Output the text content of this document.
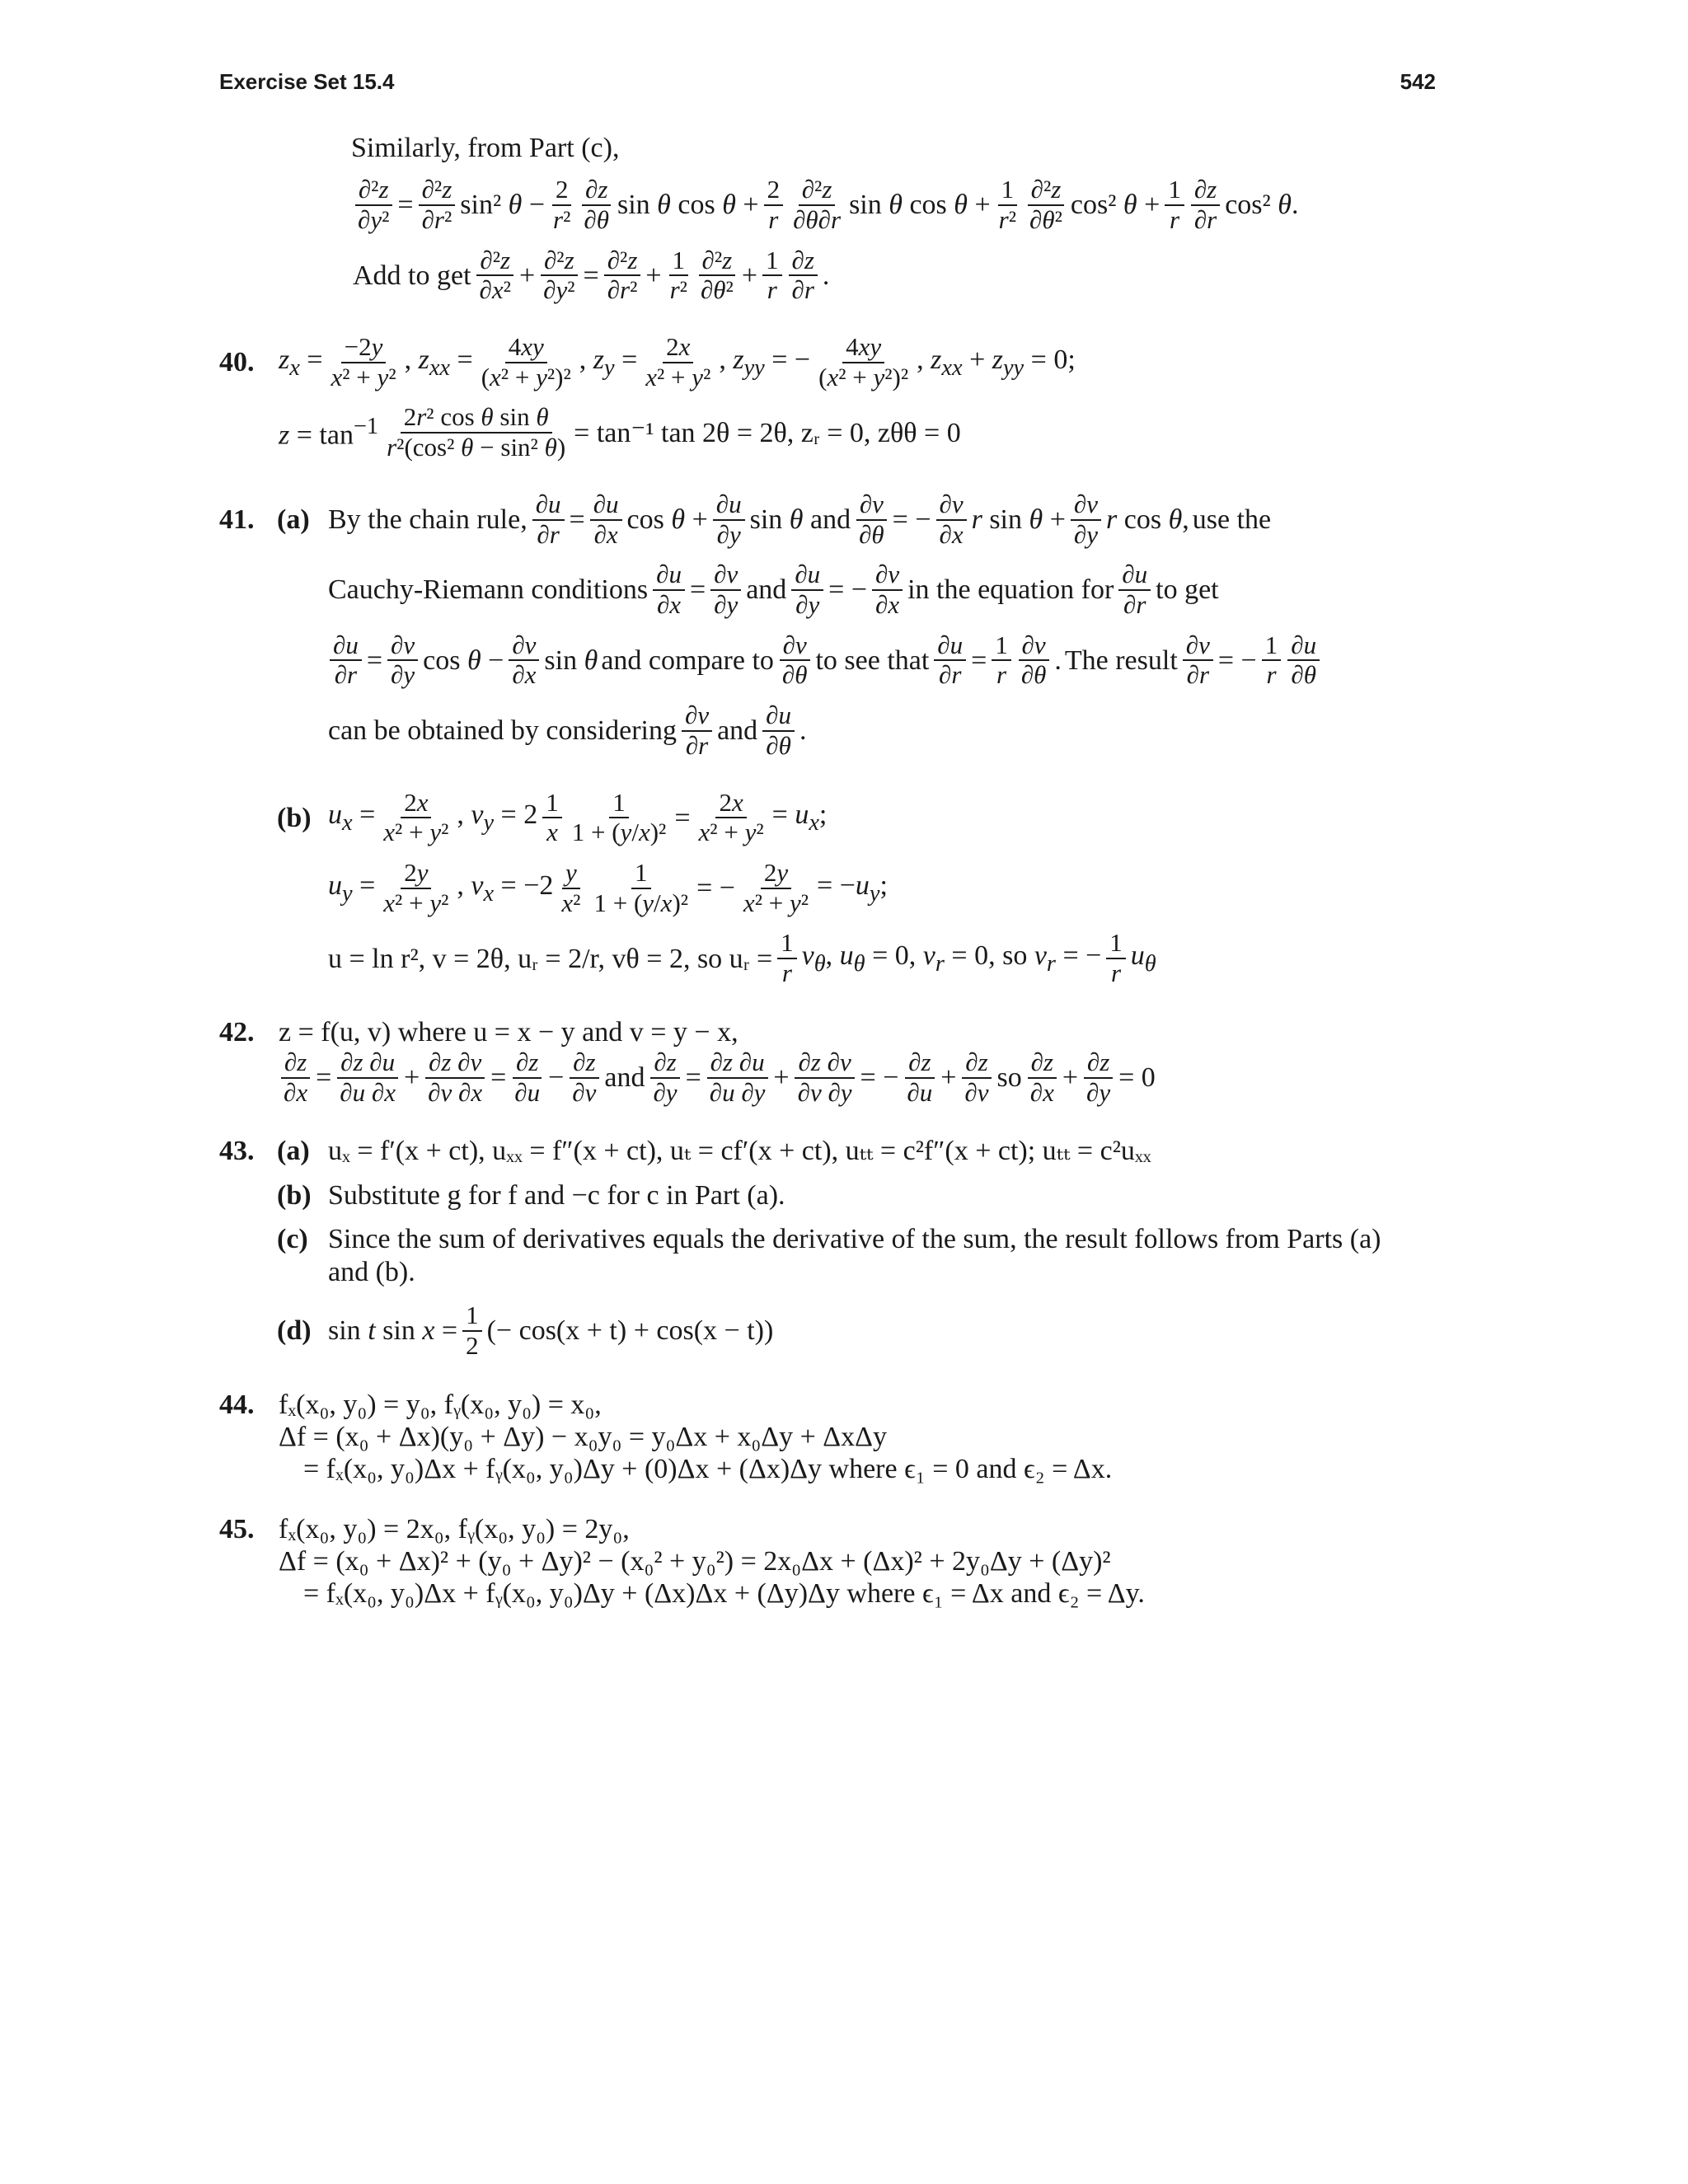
Exercise Set 15.4	542
Similarly, from Part (c),
$\frac{\text{∂²z}}{\text{∂y²}} = \frac{\text{∂²z}}{\text{∂r²}} \sin^2$ $\theta - \frac{2}{\text{r²}} \frac{\partial z}{\partial\theta}$ sin θ $\cos \theta + \frac{2}{r} \frac{\text{∂²z}}{\partial\theta\partial r}$ sin θ $\cos \theta + \frac{1}{\text{r²}} \frac{\text{∂²z}}{\text{∂θ²}} \cos^2$ $\theta + \frac{1}{r} \frac{\partial z}{\partial r} \cos^2$ θ.
Add to get $\frac{\text{∂²z}}{\text{∂x²}} + \frac{\text{∂²z}}{\text{∂y²}} = \frac{\text{∂²z}}{\text{∂r²}} + \frac{1}{\text{r²}} \frac{\text{∂²z}}{\text{∂θ²}} + \frac{1}{r} \frac{\partial z}{\partial r}$ .
40. $z_x = \frac{-2y}{\text{x² + y²}}$ , $z_{xx} = \frac{4xy}{\text{(x² + y²)²}}$ , $z_y = \frac{2x}{\text{x² + y²}}$ , $z_{yy}$ = − $\frac{4xy}{\text{(x² + y²)²}}$ , $z_{xx} + z_{yy} = 0$;
$z = \tan^{-1} \frac{\text{2r² cos θ sin θ}}{\text{r²(cos² θ − sin² θ)}} = \tan^{-1}$ tan 2θ = 2θ, zᵣ = 0, zθθ = 0
41. (a) By the chain rule, $\frac{\partial u}{\partial r} = \frac{\partial u}{\partial x}$ $\cos \theta + \frac{\partial u}{\partial y}$ sin θ and $\frac{\partial v}{\partial\theta}$ = − $\frac{\partial v}{\partial x}$ r $\sin \theta + \frac{\partial v}{\partial y}$ r cos θ, use the
Cauchy-Riemann conditions $\frac{\partial u}{\partial x} = \frac{\partial v}{\partial y}$ and $\frac{\partial u}{\partial y}$ = − $\frac{\partial v}{\partial x}$ in the equation for $\frac{\partial u}{\partial r}$ to get
$\frac{\partial u}{\partial r} = \frac{\partial v}{\partial y}$ $\cos \theta - \frac{\partial v}{\partial x}$ sin θ and compare to $\frac{\partial v}{\partial\theta}$ to see that $\frac{\partial u}{\partial r} = \frac{1}{r} \frac{\partial v}{\partial\theta}$ . The result $\frac{\partial v}{\partial r}$ = − $\frac{1}{r} \frac{\partial u}{\partial\theta}$
can be obtained by considering $\frac{\partial v}{\partial r}$ and $\frac{\partial u}{\partial\theta}$ .
(b) $u_x = \frac{2x}{\text{x² + y²}}$ , $v_y = 2 \frac{1}{x} \frac{1}{\text{1 + (y/x)²}} = \frac{2x}{\text{x² + y²}} = u_x$;
$u_y = \frac{2y}{\text{x² + y²}}$ , $v_x = -2 \frac{y}{\text{x²}} \frac{1}{\text{1 + (y/x)²}}$ = − $\frac{2y}{\text{x² + y²}} = -u_y$;
u = ln r², v = 2θ, uᵣ = 2/r, vθ = 2, so uᵣ = $\frac{1}{r} v_\theta$, $u_\theta = 0$, $v_r = 0$, so $v_r$ = − $\frac{1}{r} u_\theta$
42. z = f(u, v) where u = x − y and v = y − x,
$\frac{\partial z}{\partial x} = \frac{\partial z \partial u}{\partial u \partial x} + \frac{\partial z \partial v}{\partial v \partial x} = \frac{\partial z}{\partial u} - \frac{\partial z}{\partial v}$ and $\frac{\partial z}{\partial y} = \frac{\partial z \partial u}{\partial u \partial y} + \frac{\partial z \partial v}{\partial v \partial y}$ = − $\frac{\partial z}{\partial u} + \frac{\partial z}{\partial v}$ so $\frac{\partial z}{\partial x} + \frac{\partial z}{\partial y} = 0$
43. (a) uₓ = f′(x + ct), uₓₓ = f″(x + ct), uₜ = cf′(x + ct), uₜₜ = c²f″(x + ct); uₜₜ = c²uₓₓ
(b) Substitute g for f and −c for c in Part (a).
(c) Since the sum of derivatives equals the derivative of the sum, the result follows from Parts (a) and (b).
(d) sin t $\sin x = \frac{1}{2}$ (− cos(x + t) + cos(x − t))
44. fₓ(x₀, y₀) = y₀, fᵧ(x₀, y₀) = x₀,
Δf = (x₀ + Δx)(y₀ + Δy) − x₀y₀ = y₀Δx + x₀Δy + ΔxΔy
= fₓ(x₀, y₀)Δx + fᵧ(x₀, y₀)Δy + (0)Δx + (Δx)Δy where ϵ₁ = 0 and ϵ₂ = Δx.
45. fₓ(x₀, y₀) = 2x₀, fᵧ(x₀, y₀) = 2y₀,
Δf = (x₀ + Δx)² + (y₀ + Δy)² − (x₀² + y₀²) = 2x₀Δx + (Δx)² + 2y₀Δy + (Δy)²
= fₓ(x₀, y₀)Δx + fᵧ(x₀, y₀)Δy + (Δx)Δx + (Δy)Δy where ϵ₁ = Δx and ϵ₂ = Δy.
